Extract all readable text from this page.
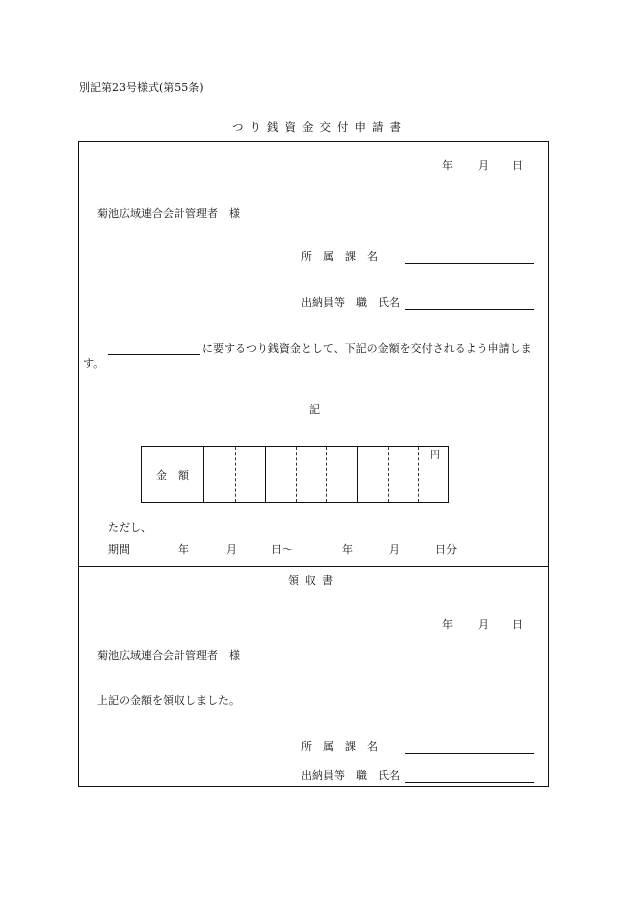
別記第23号様式(第55条)
つり銭資金交付申請書
年 月 日
菊池広域連合会計管理者　様
所　属　課　名
出納員等　職　氏名
に要するつり銭資金として、下記の金額を交付されるよう申請しま
す。
記
金　額
円
ただし、
期間	年	月	日～	年	月	日分
領収書
年 月 日
菊池広域連合会計管理者　様
上記の金額を領収しました。
所　属　課　名
出納員等　職　氏名
